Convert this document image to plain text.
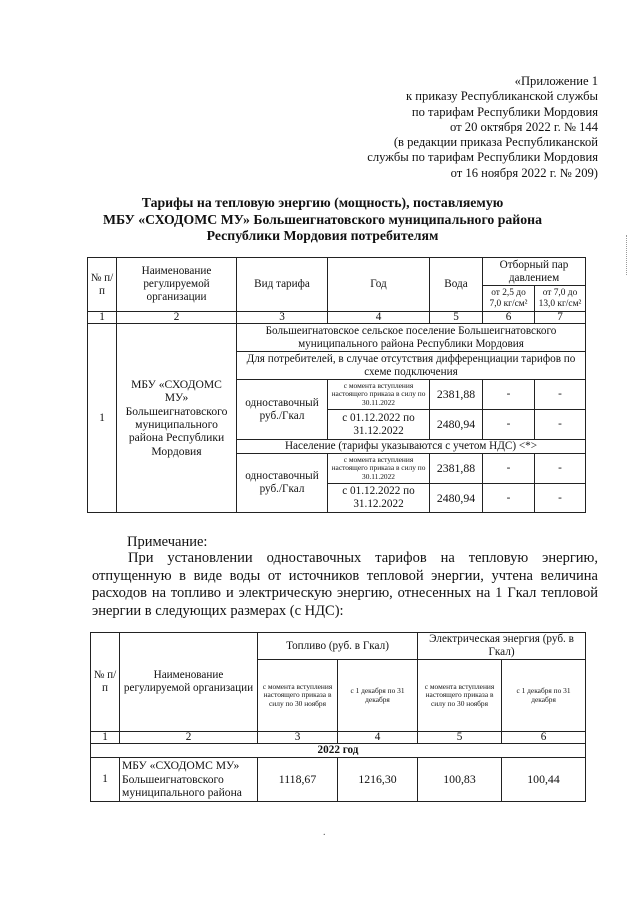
«Приложение 1
к приказу Республиканской службы
по тарифам Республики Мордовия
от 20 октября 2022 г. № 144
(в редакции приказа Республиканской
службы по тарифам Республики Мордовия
от 16 ноября 2022 г. № 209)
Тарифы на тепловую энергию (мощность), поставляемую
МБУ «СХОДОМС МУ» Большеигнатовского муниципального района
Республики Мордовия потребителям
№ п/п	Наименование регулируемой организации	Вид тарифа	Год	Вода	Отборный пар давлением	
					от 2,5 до 7,0 кг/см²	от 7,0 до 13,0 кг/см²
1	2	3	4	5	6	7
1	МБУ «СХОДОМС МУ» Большеигнатовского муниципального района Республики Мордовия	Большеигнатовское сельское поселение Большеигнатовского муниципального района Республики Мордовия				
		Для потребителей, в случае отсутствия дифференциации тарифов по схеме подключения				
		одноставочный руб./Гкал	с момента вступления настоящего приказа в силу по 30.11.2022	2381,88	-	-
			с 01.12.2022 по 31.12.2022	2480,94	-	-
		Население (тарифы указываются с учетом НДС) <*>				
		одноставочный руб./Гкал	с момента вступления настоящего приказа в силу по 30.11.2022	2381,88	-	-
			с 01.12.2022 по 31.12.2022	2480,94	-	-
Примечание:
При установлении одноставочных тарифов на тепловую энергию, отпущенную в виде воды от источников тепловой энергии, учтена величина расходов на топливо и электрическую энергию, отнесенных на 1 Гкал тепловой энергии в следующих размерах (с НДС):
№ п/п	Наименование регулируемой организации	Топливо (руб. в Гкал)		Электрическая энергия (руб. в Гкал)	
		с момента вступления настоящего приказа в силу по 30 ноября	с 1 декабря по 31 декабря	с момента вступления настоящего приказа в силу по 30 ноября	с 1 декабря по 31 декабря
1	2	3	4	5	6
2022 год					
1	МБУ «СХОДОМС МУ» Большеигнатовского муниципального района	1118,67	1216,30	100,83	100,44
.
